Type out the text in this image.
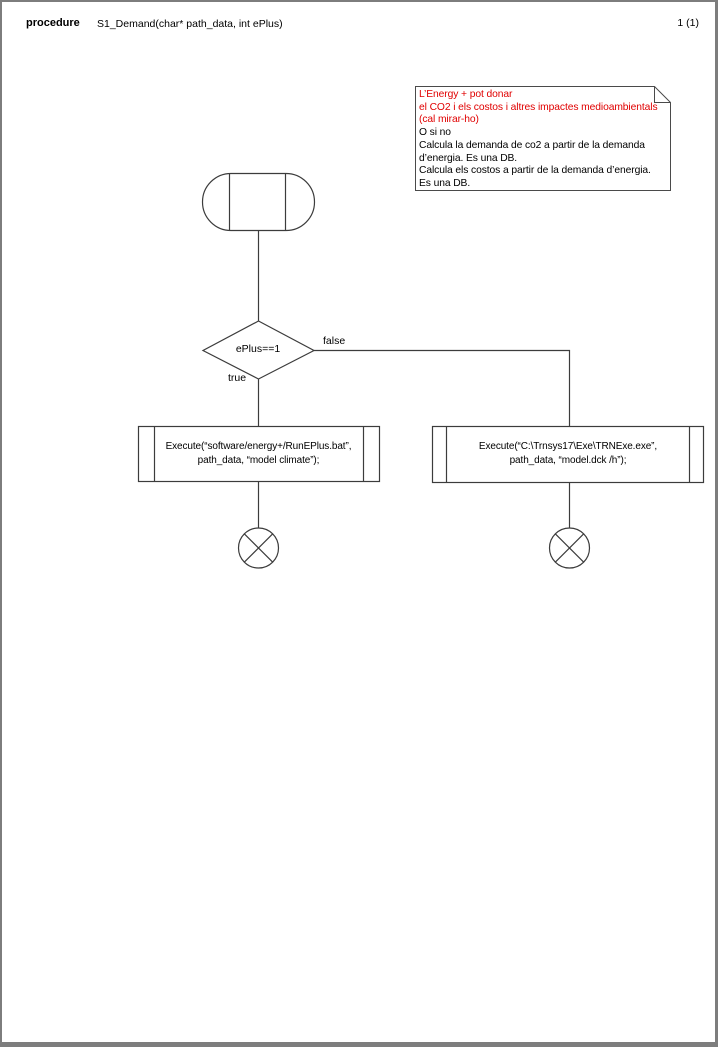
procedure S1_Demand(char* path_data, int ePlus)	1 (1)
L’Energy + pot donar
el CO2 i els costos i altres impactes medioambientals
(cal mirar-ho)
O si no
Calcula la demanda de co2 a partir de la demanda
d’energia. Es una DB.
Calcula els costos a partir de la demanda d’energia.
Es una DB.
ePlus==1
true
false
Execute(“software/energy+/RunEPlus.bat”,
path_data, “model climate”);
Execute(“C:\Trnsys17\Exe\TRNExe.exe”,
path_data, “model.dck /h”);
